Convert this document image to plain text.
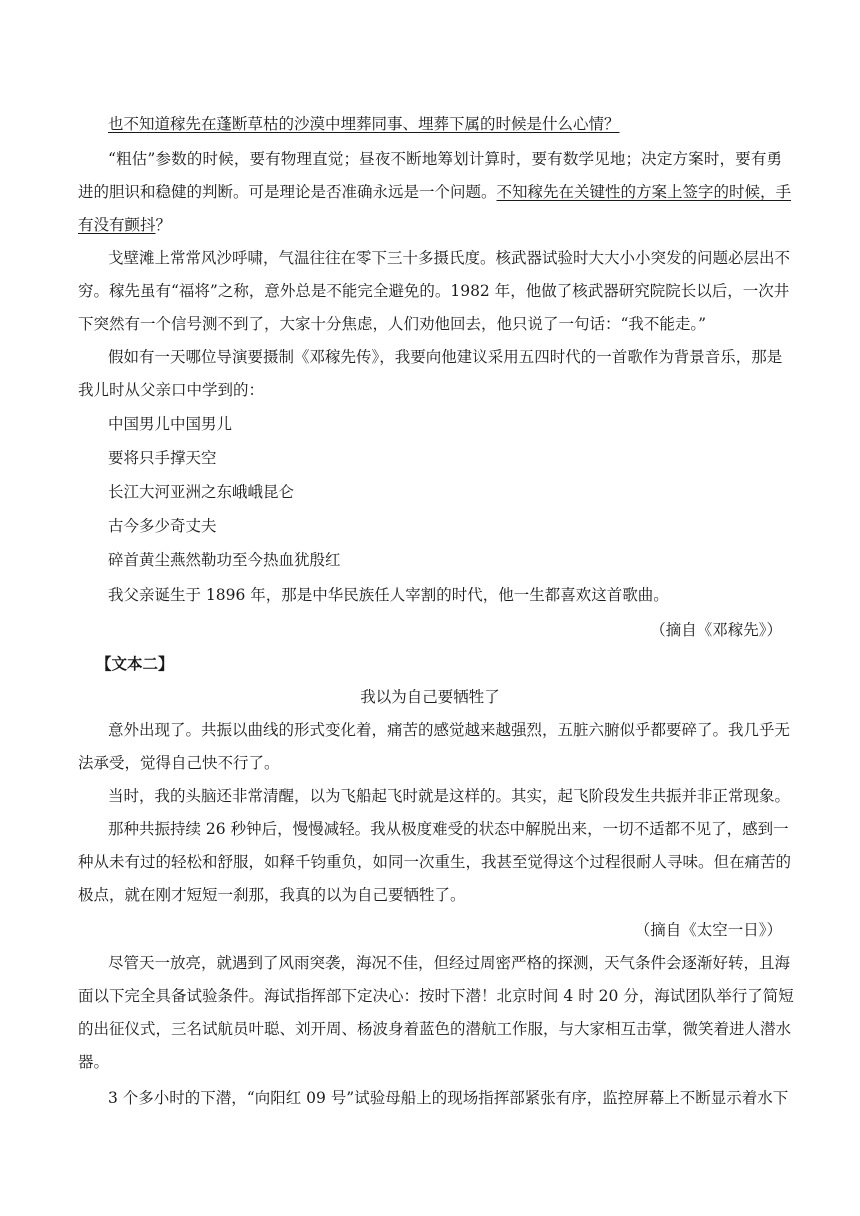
也不知道稼先在蓬断草枯的沙漠中埋葬同事、埋葬下属的时候是什么心情？
“粗估”参数的时候，要有物理直觉；昼夜不断地筹划计算时，要有数学见地；决定方案时，要有勇
进的胆识和稳健的判断。可是理论是否准确永远是一个问题。 不知稼先在关键性的方案上签字的时候，手
有没有颤抖？
戈壁滩上常常风沙呼啸，气温往往在零下三十多摄氏度。核武器试验时大大小小突发的问题必层出不
穷。稼先虽有“福将”之称，意外总是不能完全避免的。1982 年，他做了核武器研究院院长以后，一次井
下突然有一个信号测不到了，大家十分焦虑，人们劝他回去，他只说了一句话：“我不能走。”
假如有一天哪位导演要摄制《邓稼先传》，我要向他建议采用五四时代的一首歌作为背景音乐，那是
我儿时从父亲口中学到的：
中国男儿中国男儿
要将只手撑天空
长江大河亚洲之东峨峨昆仑
古今多少奇丈夫
碎首黄尘燕然勒功至今热血犹殷红
我父亲诞生于 1896 年，那是中华民族任人宰割的时代，他一生都喜欢这首歌曲。
（摘自《邓稼先》）
【文本二】
我以为自己要牺牲了
意外出现了。共振以曲线的形式变化着，痛苦的感觉越来越强烈，五脏六腑似乎都要碎了。我几乎无
法承受，觉得自己快不行了。
当时，我的头脑还非常清醒，以为飞船起飞时就是这样的。其实，起飞阶段发生共振并非正常现象。
那种共振持续 26 秒钟后，慢慢减轻。我从极度难受的状态中解脱出来，一切不适都不见了，感到一
种从未有过的轻松和舒服，如释千钧重负，如同一次重生，我甚至觉得这个过程很耐人寻味。但在痛苦的
极点，就在刚才短短一刹那，我真的以为自己要牺牲了。
（摘自《太空一日》）
尽管天一放亮，就遇到了风雨突袭，海况不佳，但经过周密严格的探测，天气条件会逐渐好转，且海
面以下完全具备试验条件。海试指挥部下定决心：按时下潜！北京时间 4 时 20 分，海试团队举行了简短
的出征仪式，三名试航员叶聪、刘开周、杨波身着蓝色的潜航工作服，与大家相互击掌，微笑着进人潜水
器。
3 个多小时的下潜，“向阳红 09 号”试验母船上的现场指挥部紧张有序，监控屏幕上不断显示着水下
